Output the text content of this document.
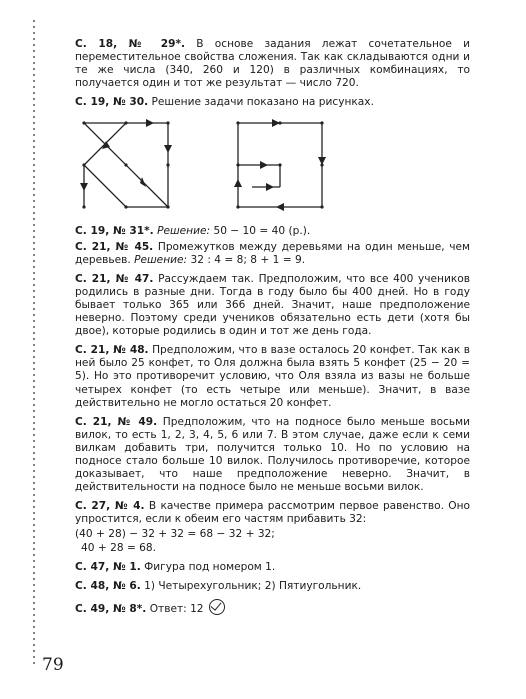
С. 18, № 29*. В основе задания лежат сочетательное и переместительное свойства сложения. Так как складываются одни и те же числа (340, 260 и 120) в различных комбинациях, то получается один и тот же результат — число 720.

С. 19, № 30. Решение задачи показано на рисунках.

С. 19, № 31*. Решение: 50 − 10 = 40 (р.).

С. 21, № 45. Промежутков между деревьями на один меньше, чем деревьев. Решение: 32 : 4 = 8; 8 + 1 = 9.

С. 21, № 47. Рассуждаем так. Предположим, что все 400 учеников родились в разные дни. Тогда в году было бы 400 дней. Но в году бывает только 365 или 366 дней. Значит, наше предположение неверно. Поэтому среди учеников обязательно есть дети (хотя бы двое), которые родились в один и тот же день года.

С. 21, № 48. Предположим, что в вазе осталось 20 конфет. Так как в ней было 25 конфет, то Оля должна была взять 5 конфет (25 − 20 = 5). Но это противоречит условию, что Оля взяла из вазы не больше четырех конфет (то есть четыре или меньше). Значит, в вазе действительно не могло остаться 20 конфет.

С. 21, № 49. Предположим, что на подносе было меньше восьми вилок, то есть 1, 2, 3, 4, 5, 6 или 7. В этом случае, даже если к семи вилкам добавить три, получится только 10. Но по условию на подносе стало больше 10 вилок. Получилось противоречие, которое доказывает, что наше предположение неверно. Значит, в действительности на подносе было не меньше восьми вилок.

С. 27, № 4. В качестве примера рассмотрим первое равенство. Оно упростится, если к обеим его частям прибавить 32:

(40 + 28) − 32 + 32 = 68 − 32 + 32;
40 + 28 = 68.

С. 47, № 1. Фигура под номером 1.

С. 48, № 6. 1) Четырехугольник; 2) Пятиугольник.

С. 49, № 8*. Ответ: 12

79
